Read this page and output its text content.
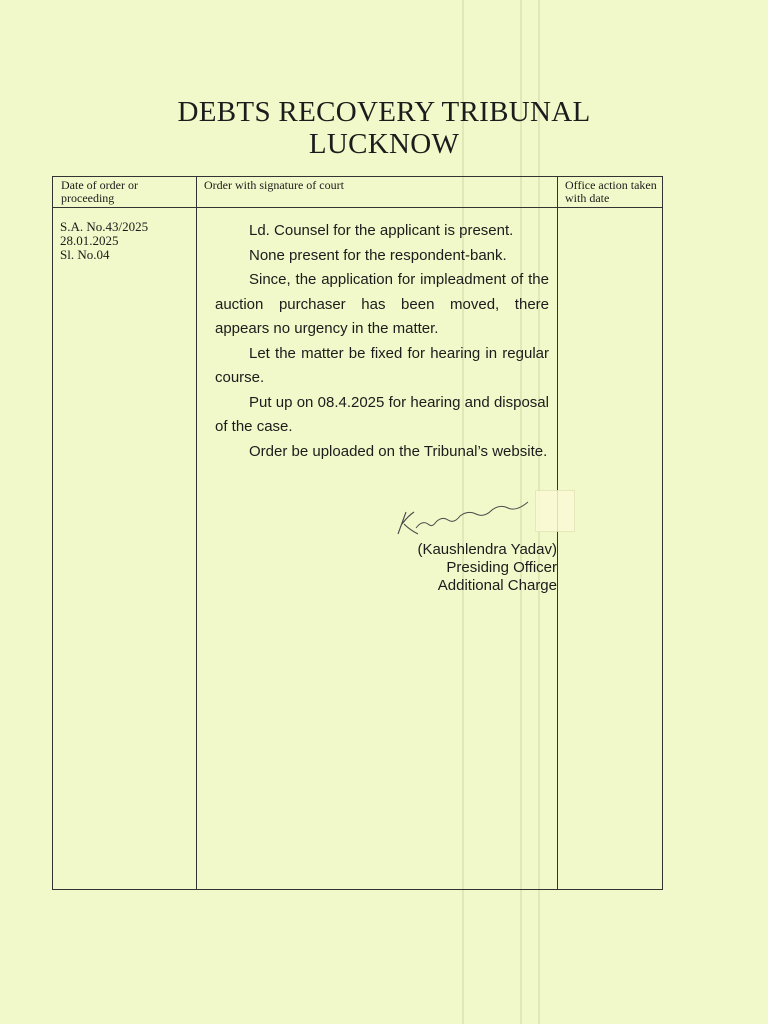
DEBTS RECOVERY TRIBUNAL
LUCKNOW
Date of order or proceeding
Order with signature of court	Office action taken with date
S.A. No.43/2025
28.01.2025
Sl. No.04

Ld. Counsel for the applicant is present.

None present for the respondent-bank.

Since, the application for impleadment of the auction purchaser has been moved, there appears no urgency in the matter.

Let the matter be fixed for hearing in regular course.

Put up on 08.4.2025 for hearing and disposal of the case.

Order be uploaded on the Tribunal’s website.

(Kaushlendra Yadav)
Presiding Officer
Additional Charge
